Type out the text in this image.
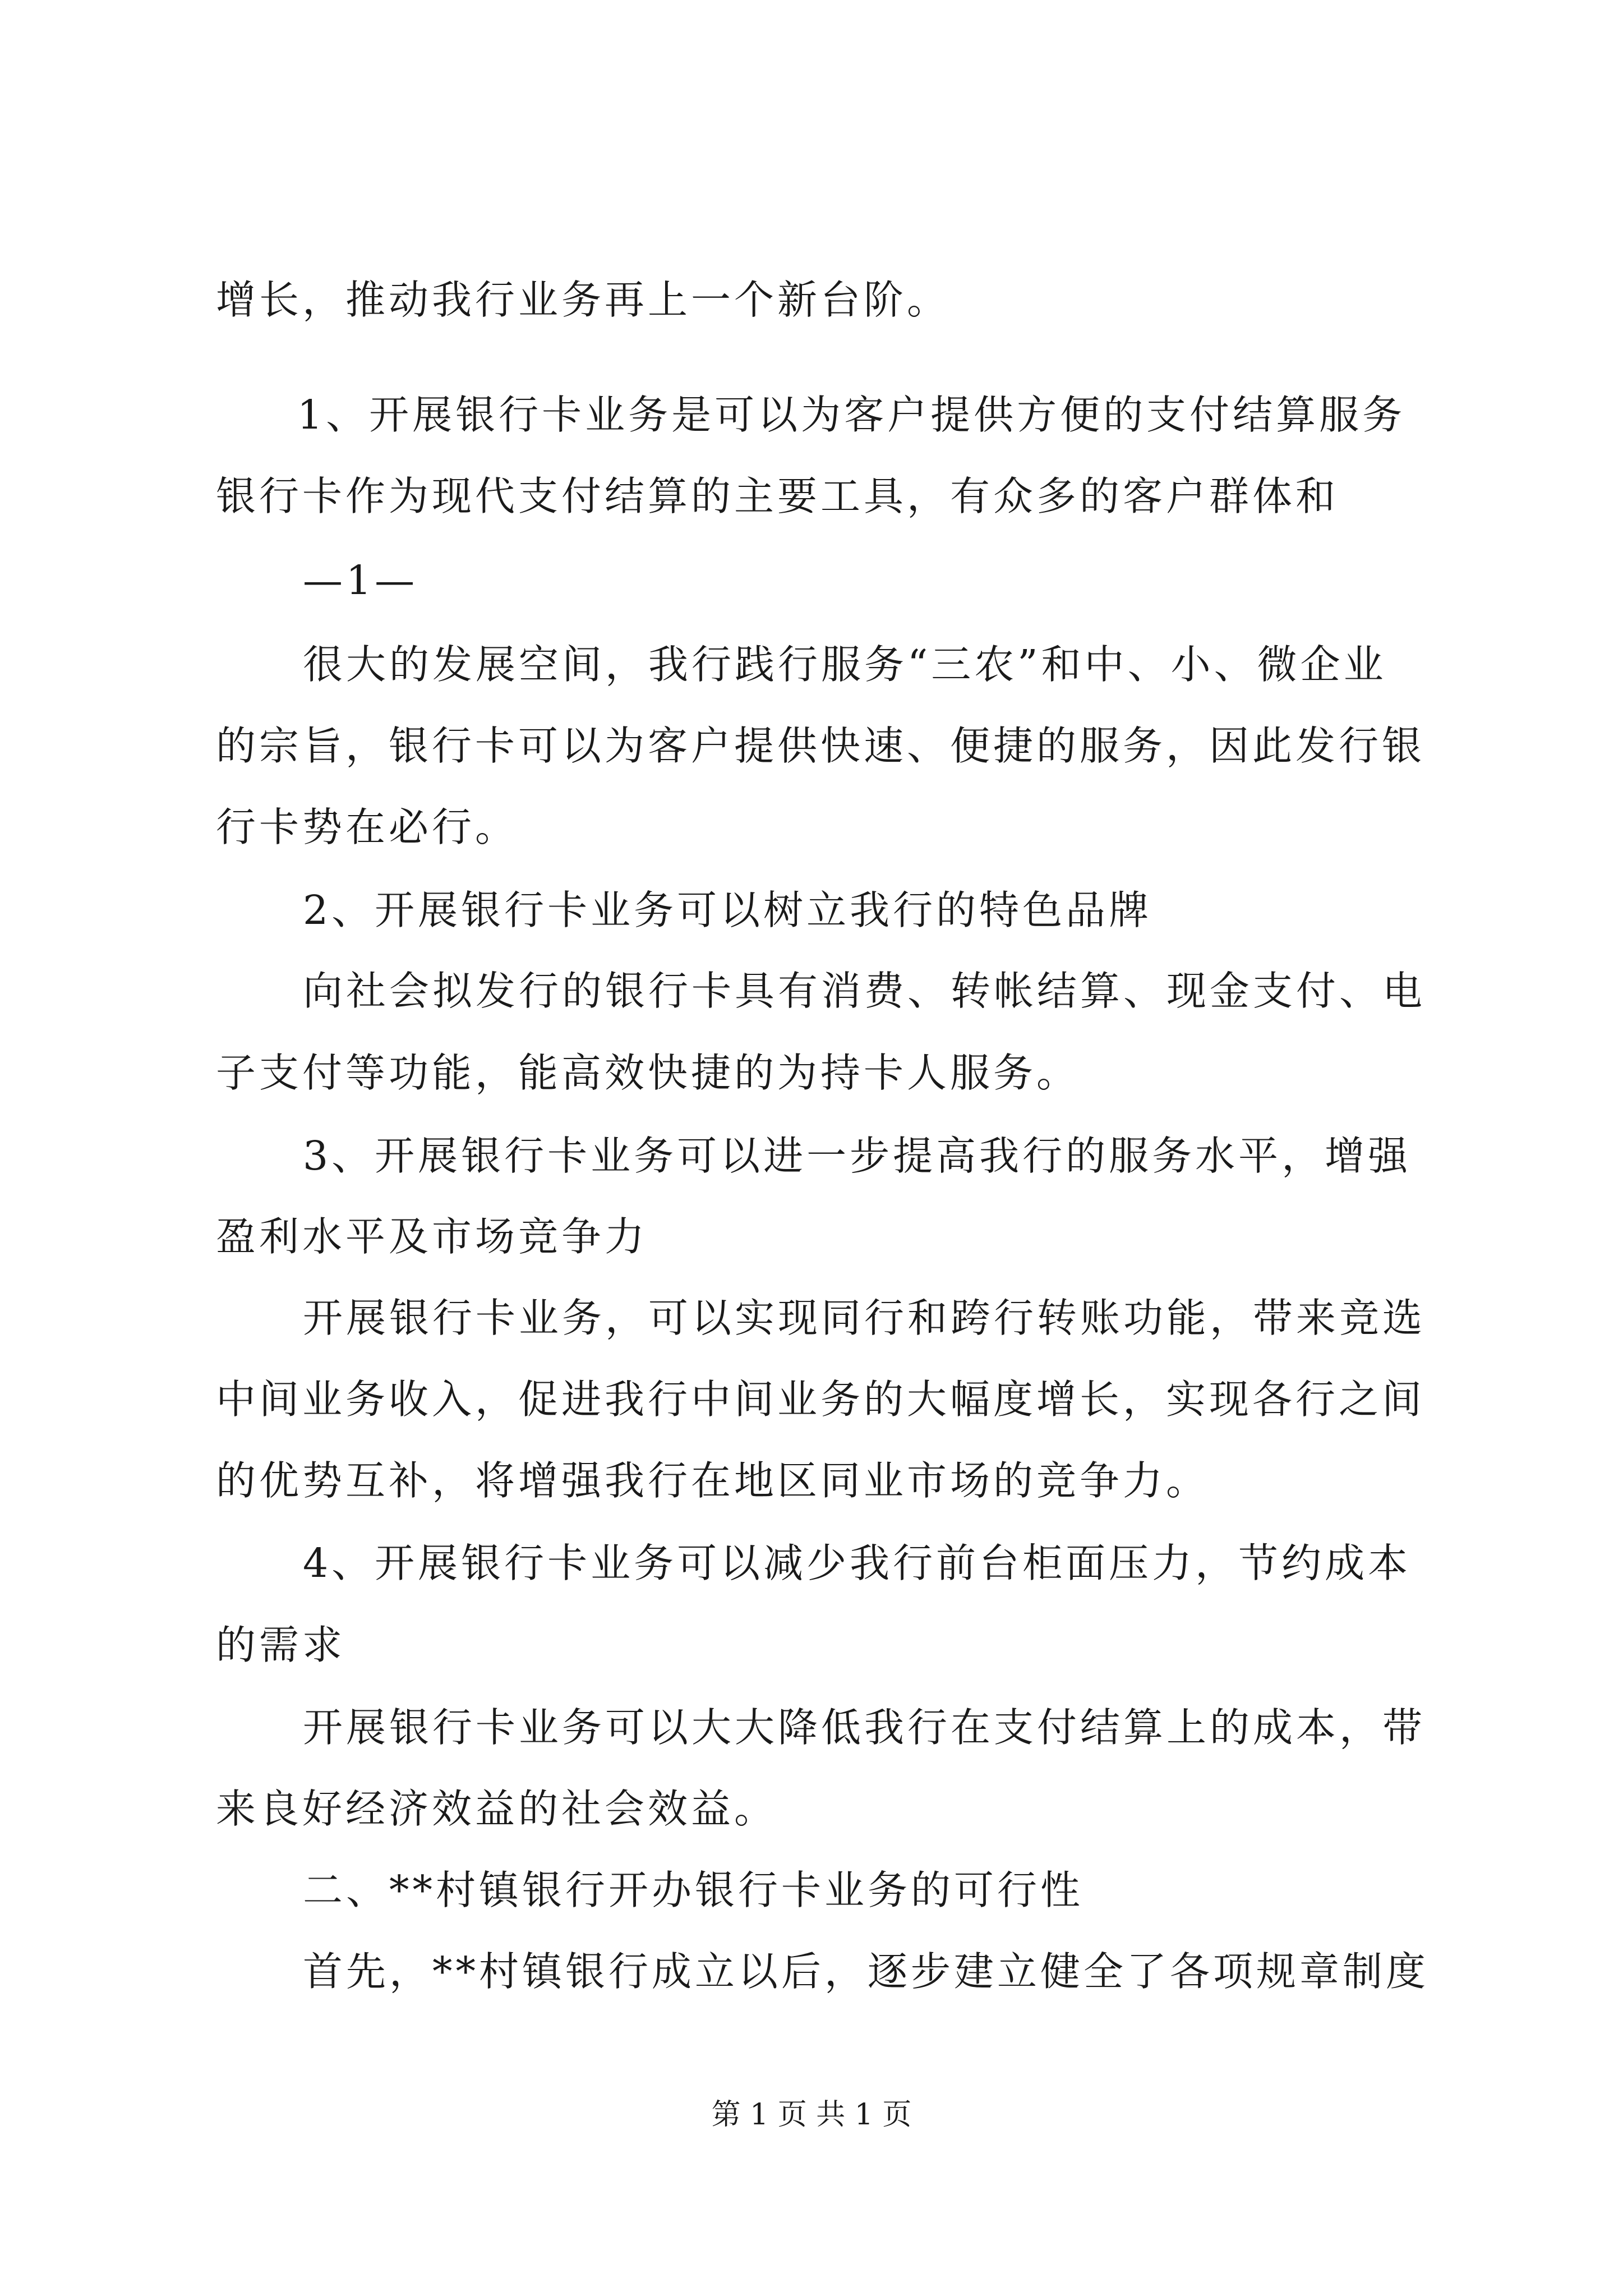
增长，推动我行业务再上一个新台阶。
1、开展银行卡业务是可以为客户提供方便的支付结算服务
银行卡作为现代支付结算的主要工具，有众多的客户群体和
—1—
很大的发展空间，我行践行服务“三农”和中、小、微企业
的宗旨，银行卡可以为客户提供快速、便捷的服务，因此发行银
行卡势在必行。
2、开展银行卡业务可以树立我行的特色品牌
向社会拟发行的银行卡具有消费、转帐结算、现金支付、电
子支付等功能，能高效快捷的为持卡人服务。
3、开展银行卡业务可以进一步提高我行的服务水平，增强
盈利水平及市场竞争力
开展银行卡业务，可以实现同行和跨行转账功能，带来竞选
中间业务收入，促进我行中间业务的大幅度增长，实现各行之间
的优势互补，将增强我行在地区同业市场的竞争力。
4、开展银行卡业务可以减少我行前台柜面压力，节约成本
的需求
开展银行卡业务可以大大降低我行在支付结算上的成本，带
来良好经济效益的社会效益。
二、**村镇银行开办银行卡业务的可行性
首先，**村镇银行成立以后，逐步建立健全了各项规章制度
第 1 页 共 1 页
